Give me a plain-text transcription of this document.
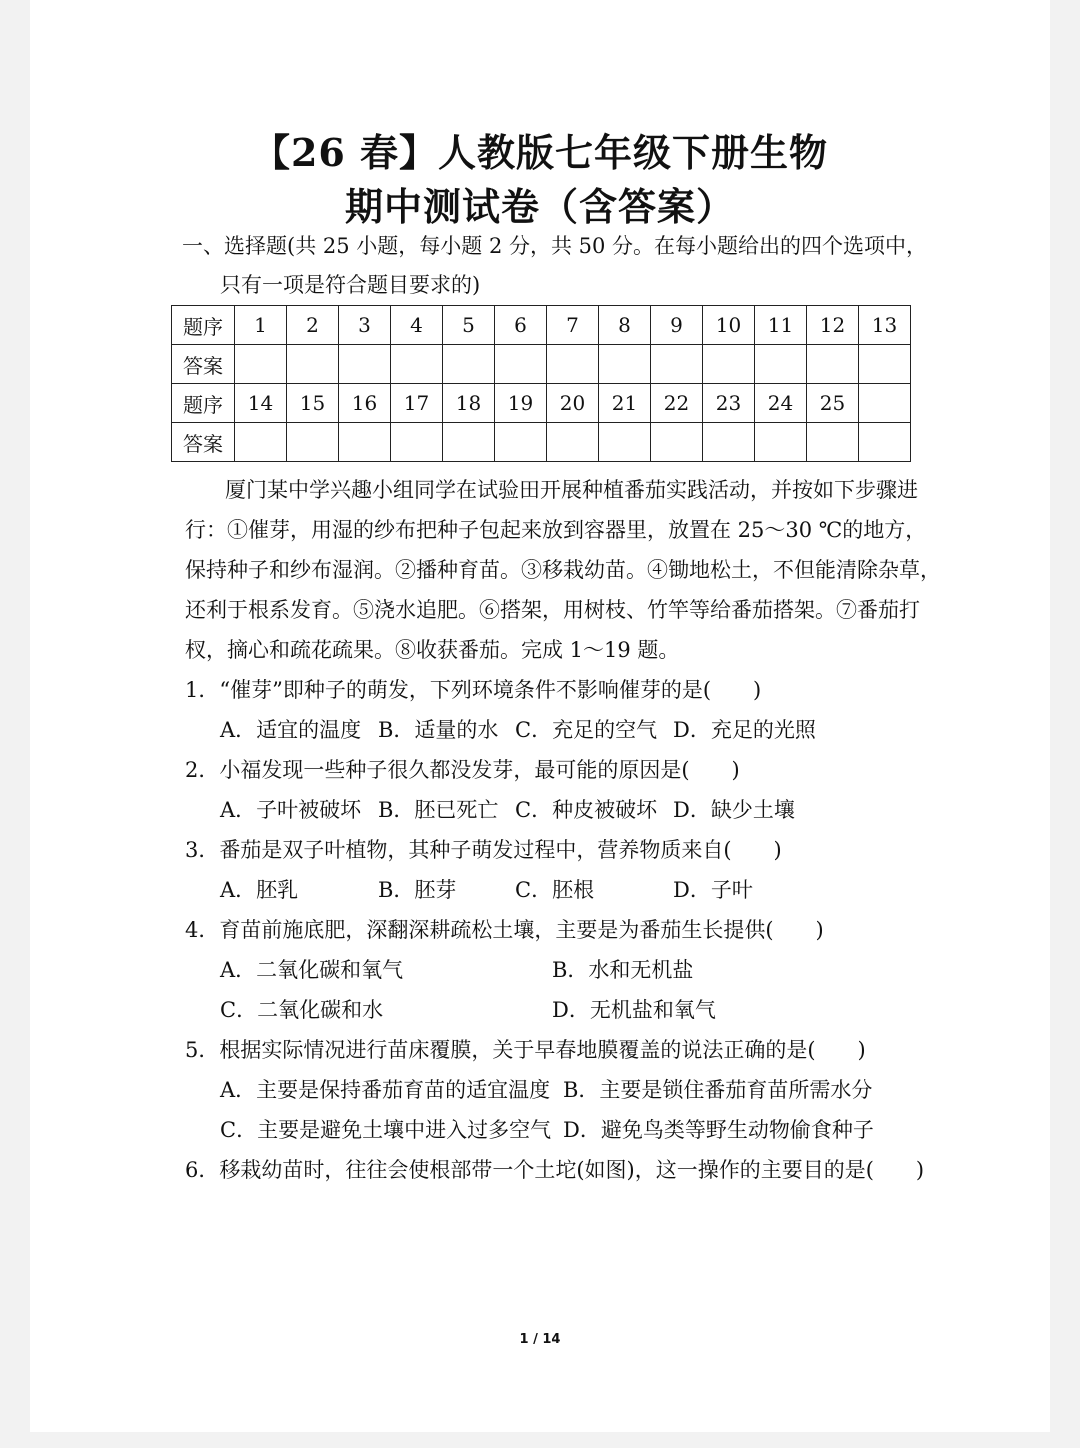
【26 春】人教版七年级下册生物
期中测试卷（含答案）
一、选择题(共 25 小题，每小题 2 分，共 50 分。在每小题给出的四个选项中，
只有一项是符合题目要求的)
题序	1	2	3	4	5	6	7	8	9	10	11	12	13
答案													
题序	14	15	16	17	18	19	20	21	22	23	24	25	
答案													
厦门某中学兴趣小组同学在试验田开展种植番茄实践活动，并按如下步骤进
行：①催芽，用湿的纱布把种子包起来放到容器里，放置在 25～30 ℃的地方，
保持种子和纱布湿润。②播种育苗。③移栽幼苗。④锄地松土，不但能清除杂草，
还利于根系发育。⑤浇水追肥。⑥搭架，用树枝、竹竿等给番茄搭架。⑦番茄打
杈，摘心和疏花疏果。⑧收获番茄。完成 1～19 题。
1．“催芽”即种子的萌发，下列环境条件不影响催芽的是(　　)
A．适宜的温度 B．适量的水 C．充足的空气 D．充足的光照
2．小福发现一些种子很久都没发芽，最可能的原因是(　　)
A．子叶被破坏 B．胚已死亡 C．种皮被破坏 D．缺少土壤
3．番茄是双子叶植物，其种子萌发过程中，营养物质来自(　　)
A．胚乳	B．胚芽	C．胚根	D．子叶
4．育苗前施底肥，深翻深耕疏松土壤，主要是为番茄生长提供(　　)
A．二氧化碳和氧气	B．水和无机盐
C．二氧化碳和水	D．无机盐和氧气
5．根据实际情况进行苗床覆膜，关于早春地膜覆盖的说法正确的是(　　)
A．主要是保持番茄育苗的适宜温度 B．主要是锁住番茄育苗所需水分
C．主要是避免土壤中进入过多空气 D．避免鸟类等野生动物偷食种子
6．移栽幼苗时，往往会使根部带一个土坨(如图)，这一操作的主要目的是(　　)
1 / 14
